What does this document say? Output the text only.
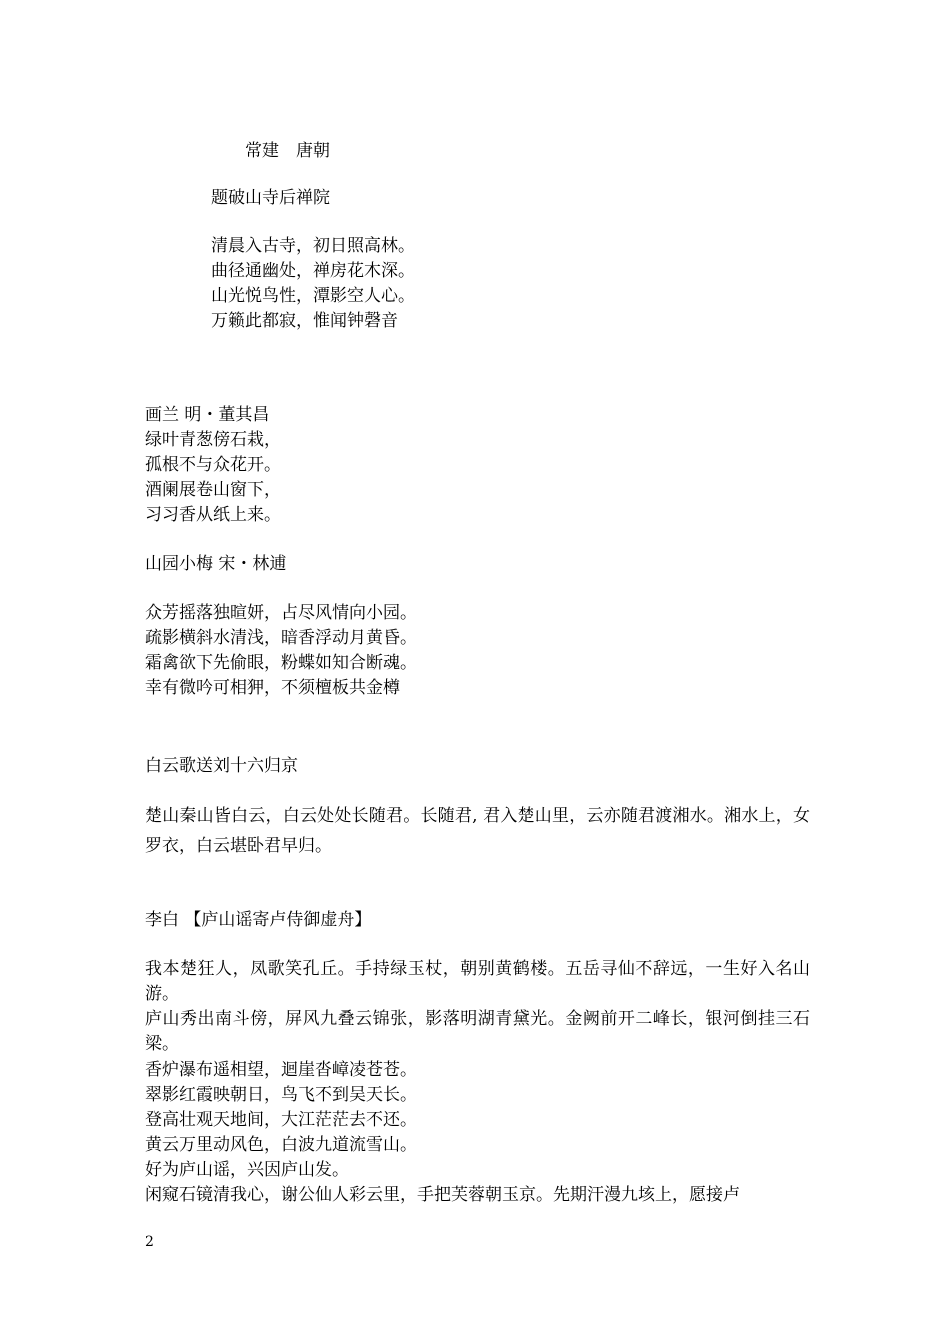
常建　唐朝
题破山寺后禅院
清晨入古寺，初日照高林。
曲径通幽处，禅房花木深。
山光悦鸟性，潭影空人心。
万籁此都寂，惟闻钟磬音
画兰 明・董其昌
绿叶青葱傍石栽，
孤根不与众花开。
酒阑展卷山窗下，
习习香从纸上来。
山园小梅 宋・林逋
众芳摇落独暄妍，占尽风情向小园。
疏影横斜水清浅，暗香浮动月黄昏。
霜禽欲下先偷眼，粉蝶如知合断魂。
幸有微吟可相狎，不须檀板共金樽
白云歌送刘十六归京

楚山秦山皆白云，白云处处长随君。长随君, 君入楚山里，云亦随君渡湘水。湘水上，女罗衣，白云堪卧君早归。

李白 【庐山谣寄卢侍御虚舟】

我本楚狂人，凤歌笑孔丘。手持绿玉杖，朝别黄鹤楼。五岳寻仙不辞远，一生好入名山游。

庐山秀出南斗傍，屏风九叠云锦张，影落明湖青黛光。金阙前开二峰长，银河倒挂三石梁。

香炉瀑布遥相望，迴崖沓嶂凌苍苍。
翠影红霞映朝日，鸟飞不到吴天长。
登高壮观天地间，大江茫茫去不还。
黄云万里动风色，白波九道流雪山。
好为庐山谣，兴因庐山发。
闲窥石镜清我心，谢公仙人彩云里，手把芙蓉朝玉京。先期汗漫九垓上，愿接卢
2
